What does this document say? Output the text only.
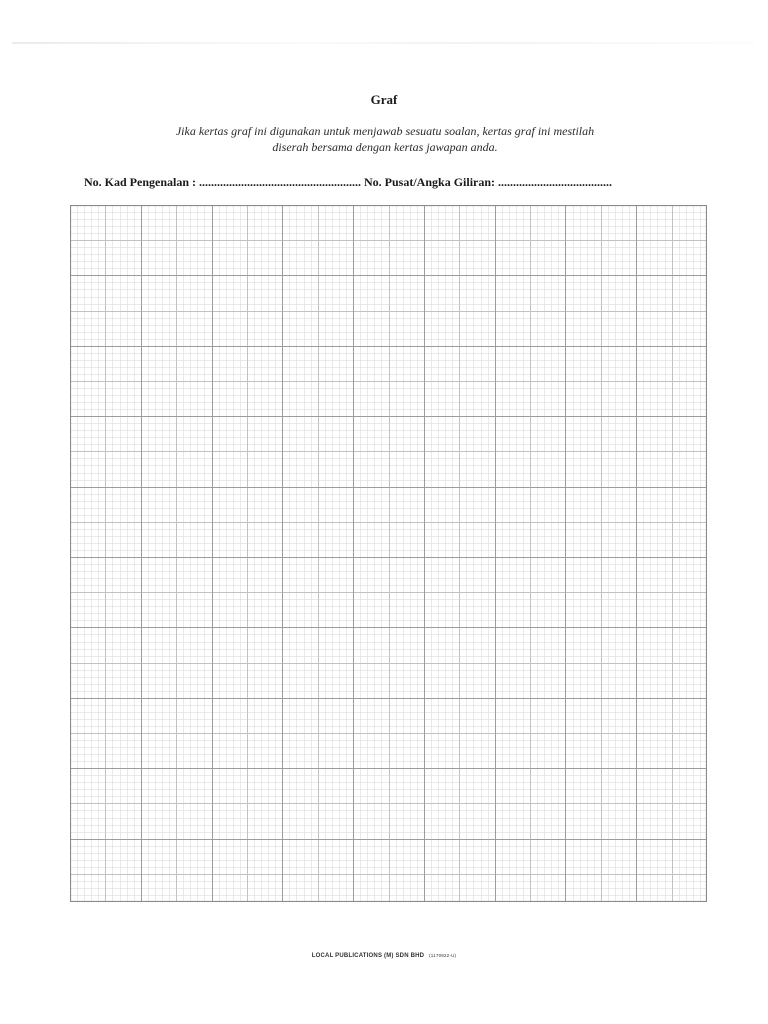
Graf
Jika kertas graf ini digunakan untuk menjawab sesuatu soalan, kertas graf ini mestilah
diserah bersama dengan kertas jawapan anda.
No. Kad Pengenalan : ...................................................... No. Pusat/Angka Giliran: ......................................
LOCAL PUBLICATIONS (M) SDN BHD (1170922-U)
